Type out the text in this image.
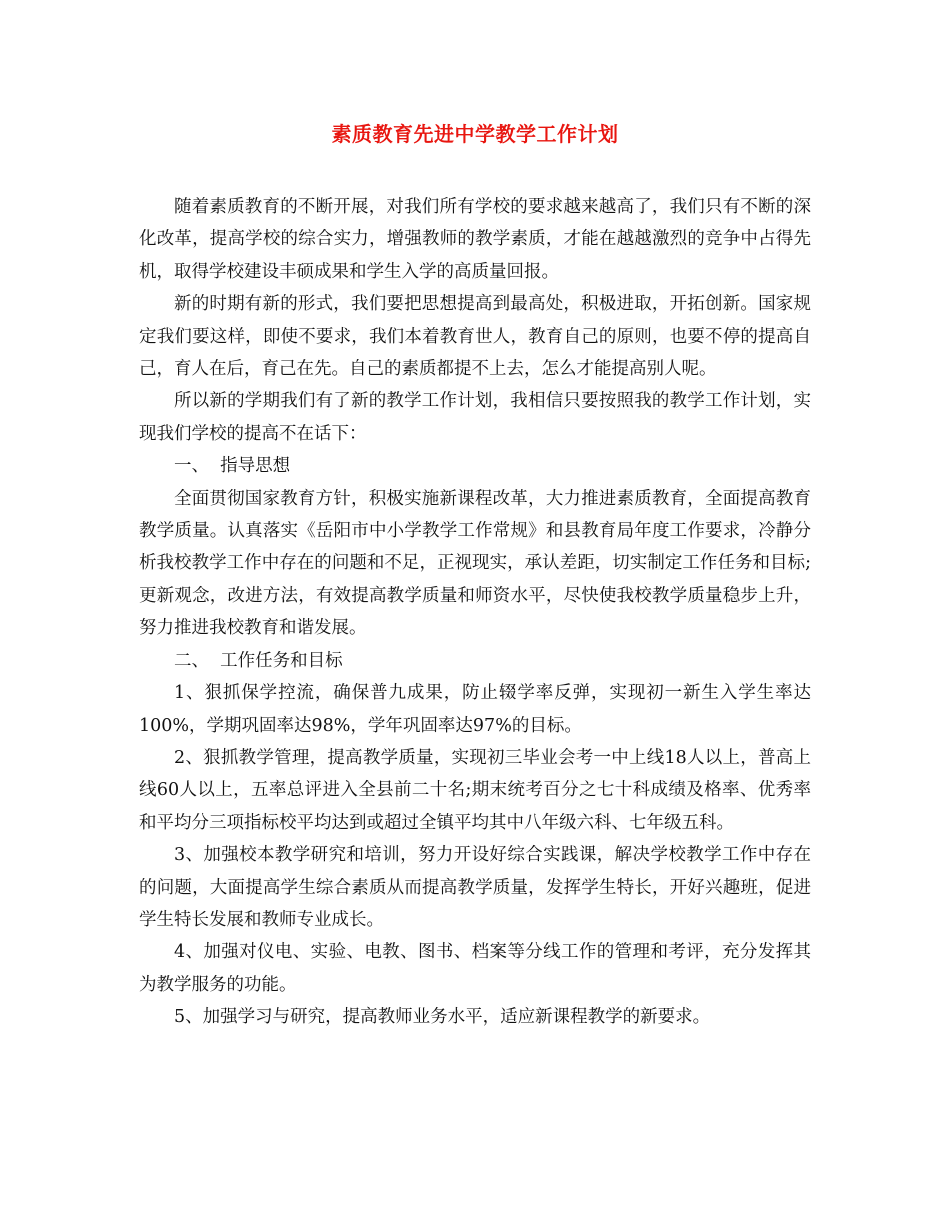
素质教育先进中学教学工作计划

随着素质教育的不断开展，对我们所有学校的要求越来越高了，我们只有不断的深化改革，提高学校的综合实力，增强教师的教学素质，才能在越越激烈的竞争中占得先机，取得学校建设丰硕成果和学生入学的高质量回报。

新的时期有新的形式，我们要把思想提高到最高处，积极进取，开拓创新。国家规定我们要这样，即使不要求，我们本着教育世人，教育自己的原则，也要不停的提高自己，育人在后，育己在先。自己的素质都提不上去，怎么才能提高别人呢。

所以新的学期我们有了新的教学工作计划，我相信只要按照我的教学工作计划，实现我们学校的提高不在话下：

一、  指导思想

全面贯彻国家教育方针，积极实施新课程改革，大力推进素质教育，全面提高教育教学质量。认真落实《岳阳市中小学教学工作常规》和县教育局年度工作要求，冷静分析我校教学工作中存在的问题和不足，正视现实，承认差距，切实制定工作任务和目标;更新观念，改进方法，有效提高教学质量和师资水平，尽快使我校教学质量稳步上升，努力推进我校教育和谐发展。

二、  工作任务和目标

1、狠抓保学控流，确保普九成果，防止辍学率反弹，实现初一新生入学生率达100%，学期巩固率达98%，学年巩固率达97%的目标。

2、狠抓教学管理，提高教学质量，实现初三毕业会考一中上线18人以上，普高上线60人以上，五率总评进入全县前二十名;期末统考百分之七十科成绩及格率、优秀率和平均分三项指标校平均达到或超过全镇平均其中八年级六科、七年级五科。

3、加强校本教学研究和培训，努力开设好综合实践课，解决学校教学工作中存在的问题，大面提高学生综合素质从而提高教学质量，发挥学生特长，开好兴趣班，促进学生特长发展和教师专业成长。

4、加强对仪电、实验、电教、图书、档案等分线工作的管理和考评，充分发挥其为教学服务的功能。

5、加强学习与研究，提高教师业务水平，适应新课程教学的新要求。
